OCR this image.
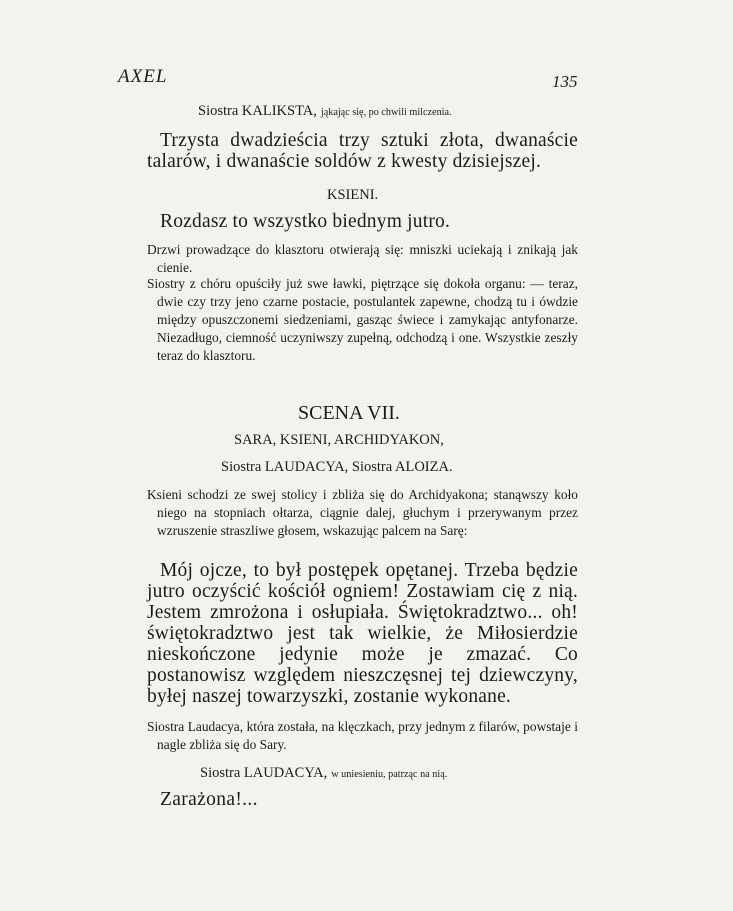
AXEL	135
Siostra KALIKSTA, jąkając się, po chwili milczenia.
Trzysta dwadzieścia trzy sztuki złota, dwanaście talarów, i dwanaście soldów z kwesty dzisiejszej.
KSIENI.
Rozdasz to wszystko biednym jutro.
Drzwi prowadzące do klasztoru otwierają się: mniszki uciekają i znikają jak cienie.
Siostry z chóru opuściły już swe ławki, piętrzące się dokoła organu: — teraz, dwie czy trzy jeno czarne postacie, postulantek zapewne, chodzą tu i ówdzie między opuszczonemi siedzeniami, gasząc świece i zamykając antyfonarze. Niezadługo, ciemność uczyniwszy zupełną, odchodzą i one. Wszystkie zeszły teraz do klasztoru.
SCENA VII.
SARA, KSIENI, ARCHIDYAKON,
Siostra LAUDACYA, Siostra ALOIZA.
Ksieni schodzi ze swej stolicy i zbliża się do Archidyakona; stanąwszy koło niego na stopniach ołtarza, ciągnie dalej, głuchym i przerywanym przez wzruszenie straszliwe głosem, wskazując palcem na Sarę:
Mój ojcze, to był postępek opętanej. Trzeba będzie jutro oczyścić kościół ogniem! Zostawiam cię z nią. Jestem zmrożona i osłupiała. Świętokradztwo... oh! świętokradztwo jest tak wielkie, że Miłosierdzie nieskończone jedynie może je zmazać. Co postanowisz względem nieszczęsnej tej dziewczyny, byłej naszej towarzyszki, zostanie wykonane.
Siostra Laudacya, która została, na klęczkach, przy jednym z filarów, powstaje i nagle zbliża się do Sary.
Siostra LAUDACYA, w uniesieniu, patrząc na nią.
Zarażona!...
